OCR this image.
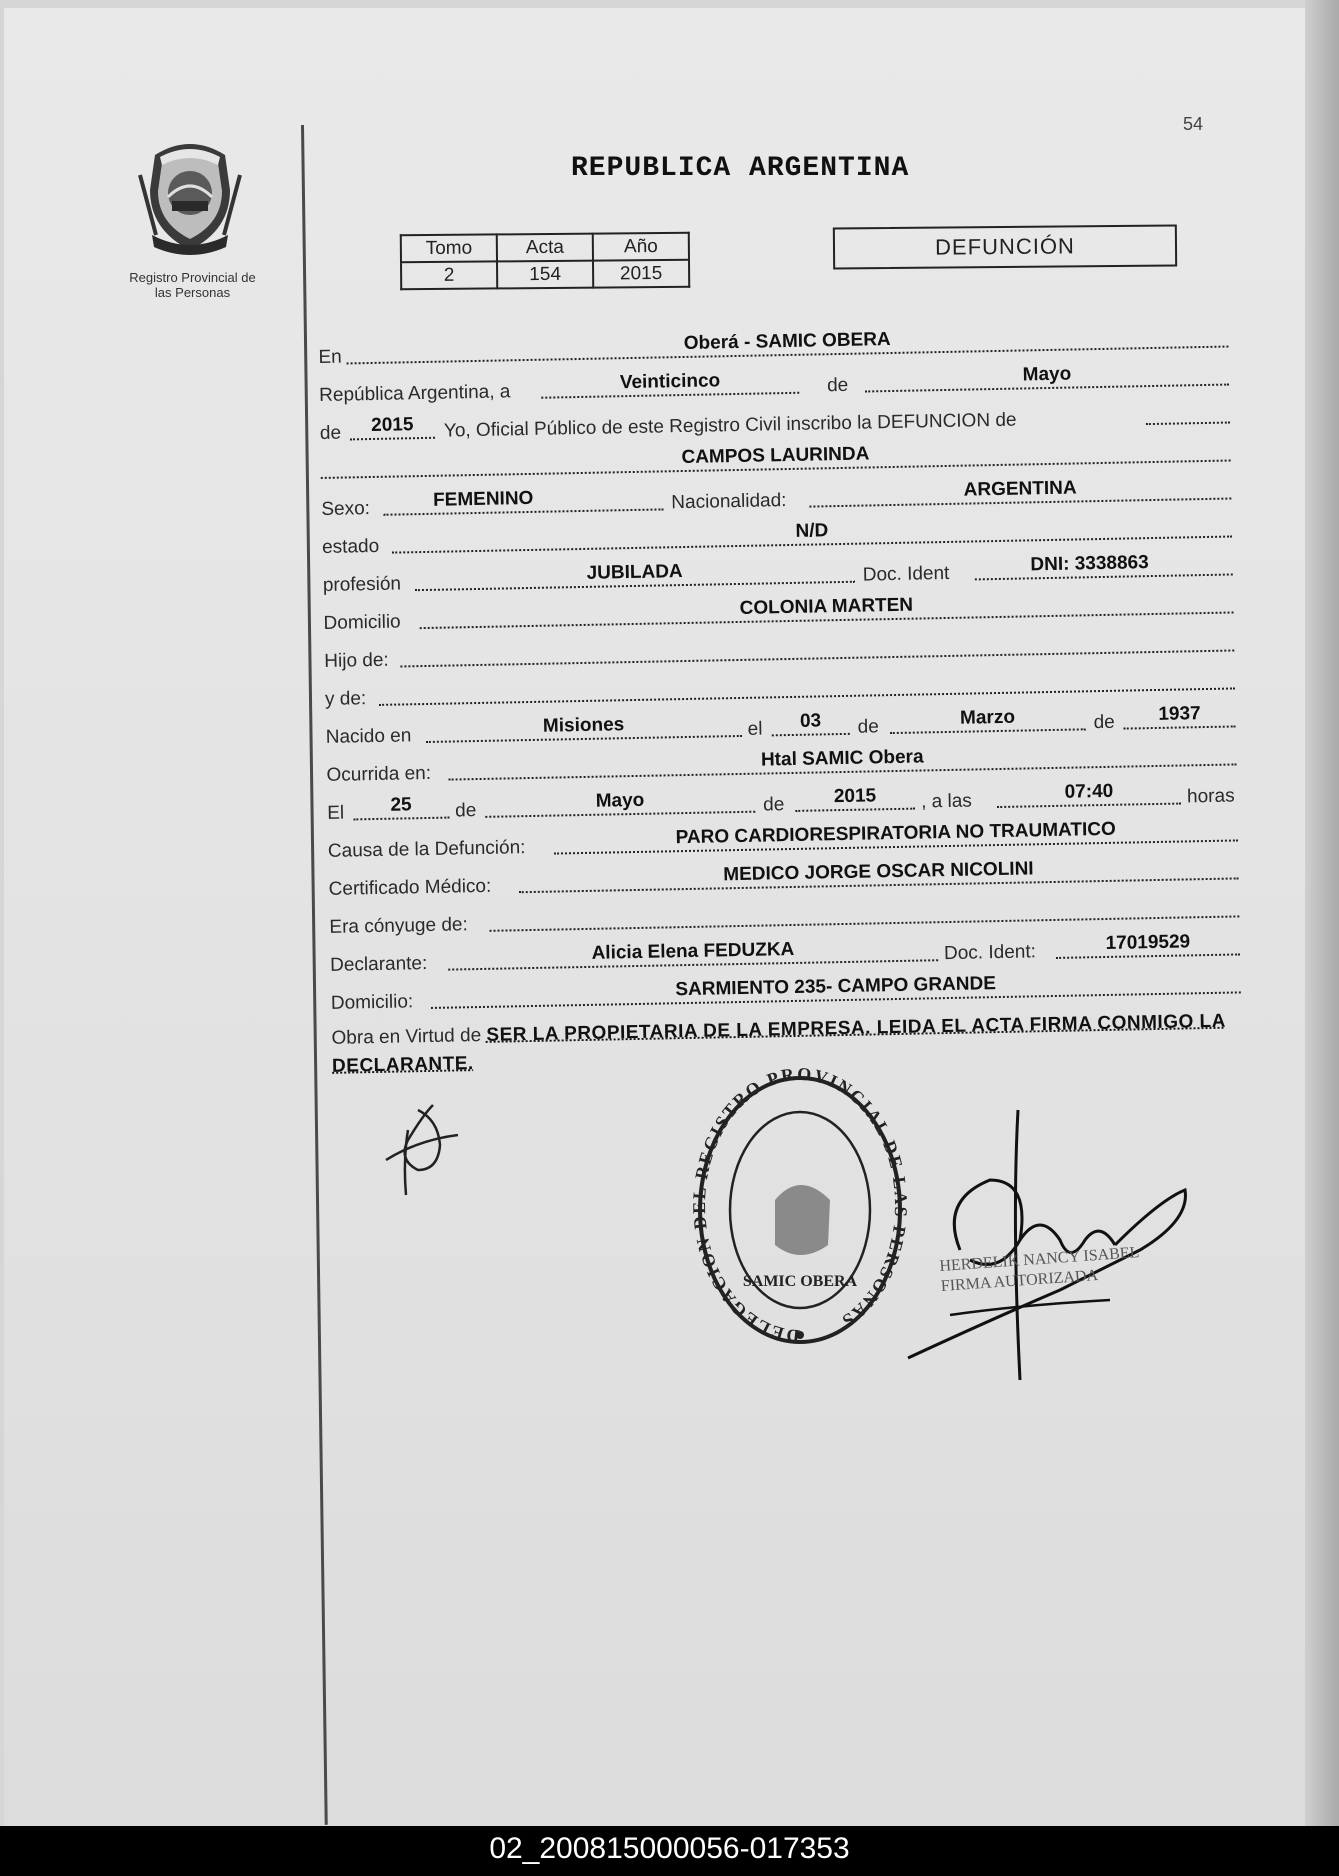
54
Registro Provincial de
las Personas
REPUBLICA ARGENTINA
Tomo	Acta	Año
2	154	2015
DEFUNCIÓN
En
Oberá - SAMIC OBERA
República Argentina, a	Veinticinco	de
Mayo
de	2015	Yo, Oficial Público de este Registro Civil inscribo la DEFUNCION de
CAMPOS LAURINDA
Sexo:	FEMENINO	Nacionalidad:
ARGENTINA
estado
N/D
profesión
JUBILADA	Doc. Ident	DNI: 3338863
Domicilio
COLONIA MARTEN
Hijo de:
y de:
Nacido en	Misiones	el	03	de	Marzo	de	1937
Ocurrida en:
Htal SAMIC Obera
El	25	de	Mayo	de	2015	, a las	07:40	horas
Causa de la Defunción:
PARO CARDIORESPIRATORIA NO TRAUMATICO
Certificado Médico:
MEDICO JORGE OSCAR NICOLINI
Era cónyuge de:
Declarante:
Alicia Elena FEDUZKA	Doc. Ident:	17019529
Domicilio:
SARMIENTO 235- CAMPO GRANDE
Obra en Virtud de SER LA PROPIETARIA DE LA EMPRESA. LEIDA EL ACTA FIRMA CONMIGO LA DECLARANTE.
DELEGACION DEL REGISTRO PROVINCIAL DE LAS PERSONAS
SAMIC OBERA
HERDELIK NANCY ISABEL
FIRMA AUTORIZADA
02_200815000056-017353
